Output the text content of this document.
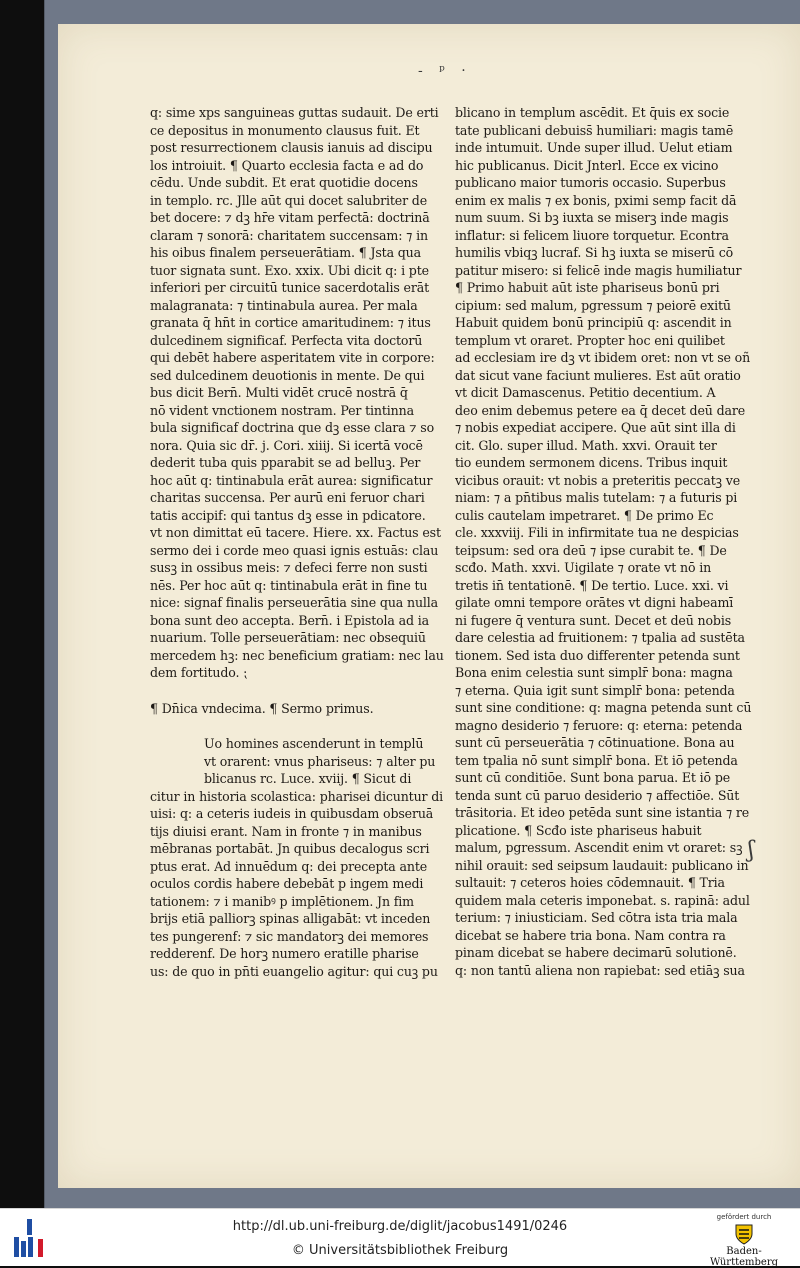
- ᵖ ·
q: sime xps sanguineas guttas sudauit. De erti
ce depositus in monumento clausus fuit. Et
post resurrectionem clausis ianuis ad discipu
los introiuit. ¶ Quarto ecclesia facta e ad do
cēdu. Unde subdit. Et erat quotidie docens
in templo. rc. Jlle aūt qui docet salubriter de
bet docere: ⁊ dꝫ hr̄e vitam perfectā: doctrinā
claram ⁊ sonorā: charitatem succensam: ⁊ in
his oibus finalem perseuerātiam. ¶ Jsta qua
tuor signata sunt. Exo. xxix. Ubi dicit q: i pte
inferiori per circuitū tunice sacerdotalis erāt
malagranata: ⁊ tintinabula aurea. Per mala
granata q̄ hn̄t in cortice amaritudinem: ⁊ itus
dulcedinem significaf. Perfecta vita doctorū
qui debēt habere asperitatem vite in corpore:
sed dulcedinem deuotionis in mente. De qui
bus dicit Bern̄. Multi vidēt crucē nostrā q̄
nō vident vnctionem nostram. Per tintinna
bula significaf doctrina que dꝫ esse clara ⁊ so
nora. Quia sic dr̄. j. Cori. xiiij. Si icertā vocē
dederit tuba quis pparabit se ad belluꝫ. Per
hoc aūt q: tintinabula erāt aurea: significatur
charitas succensa. Per aurū eni feruor chari
tatis accipif: qui tantus dꝫ esse in pdicatore.
vt non dimittat eū tacere. Hiere. xx. Factus est
sermo dei i corde meo quasi ignis estuās: clau
susꝫ in ossibus meis: ⁊ defeci ferre non susti
nēs. Per hoc aūt q: tintinabula erāt in fine tu
nice: signaf finalis perseuerātia sine qua nulla
bona sunt deo accepta. Bern̄. i Epistola ad ia
nuarium. Tolle perseuerātiam: nec obsequiū
mercedem hꝫ: nec beneficium gratiam: nec lau
dem fortitudo. ⁏
¶ Dn̄ica vndecima. ¶ Sermo primus.
Uo homines ascenderunt in templū
vt orarent: vnus phariseus: ⁊ alter pu
blicanus rc. Luce. xviij. ¶ Sicut di
citur in historia scolastica: pharisei dicuntur di
uisi: q: a ceteris iudeis in quibusdam obseruā
tijs diuisi erant. Nam in fronte ⁊ in manibus
mēbranas portabāt. Jn quibus decalogus scri
ptus erat. Ad innuēdum q: dei precepta ante
oculos cordis habere debebāt p ingem medi
tationem: ⁊ i manibꝰ p implētionem. Jn fim
brijs etiā palliorꝫ spinas alligabāt: vt inceden
tes pungerenf: ⁊ sic mandatorꝫ dei memores
redderenf. De horꝫ numero eratille pharise
us: de quo in pn̄ti euangelio agitur: qui cuꝫ pu
blicano in templum ascēdit. Et q̄uis ex socie
tate publicani debuiss̄ humiliari: magis tamē
inde intumuit. Unde super illud. Uelut etiam
hic publicanus. Dicit Jnterl. Ecce ex vicino
publicano maior tumoris occasio. Superbus
enim ex malis ⁊ ex bonis, pximi semp facit dā
num suum. Si bꝫ iuxta se miserꝫ inde magis
inflatur: si felicem liuore torquetur. Econtra
humilis vbiqꝫ lucraf. Si hꝫ iuxta se miserū cō
patitur misero: si felicē inde magis humiliatur
¶ Primo habuit aūt iste phariseus bonū pri
cipium: sed malum, pgressum ⁊ peiorē exitū
Habuit quidem bonū principiū q: ascendit in
templum vt oraret. Propter hoc eni quilibet
ad ecclesiam ire dꝫ vt ibidem oret: non vt se oñ
dat sicut vane faciunt mulieres. Est aūt oratio
vt dicit Damascenus. Petitio decentium. A
deo enim debemus petere ea q̄ decet deū dare
⁊ nobis expediat accipere. Que aūt sint illa di
cit. Glo. super illud. Math. xxvi. Orauit ter
tio eundem sermonem dicens. Tribus inquit
vicibus orauit: vt nobis a preteritis peccatꝫ ve
niam: ⁊ a pn̄tibus malis tutelam: ⁊ a futuris pi
culis cautelam impetraret. ¶ De primo Ec
cle. xxxviij. Fili in infirmitate tua ne despicias
teipsum: sed ora deū ⁊ ipse curabit te. ¶ De
scđo. Math. xxvi. Uigilate ⁊ orate vt nō in
tretis in̄ tentationē. ¶ De tertio. Luce. xxi. vi
gilate omni tempore orātes vt digni habeamī
ni fugere q̄ ventura sunt. Decet et deū nobis
dare celestia ad fruitionem: ⁊ tpalia ad sustēta
tionem. Sed ista duo differenter petenda sunt
Bona enim celestia sunt simplr̄ bona: magna
⁊ eterna. Quia igit sunt simplr̄ bona: petenda
sunt sine conditione: q: magna petenda sunt cū
magno desiderio ⁊ feruore: q: eterna: petenda
sunt cū perseuerātia ⁊ cōtinuatione. Bona au
tem tpalia nō sunt simplr̄ bona. Et iō petenda
sunt cū conditiōe. Sunt bona parua. Et iō pe
tenda sunt cū paruo desiderio ⁊ affectiōe. Sūt
trāsitoria. Et ideo petēda sunt sine istantia ⁊ re
plicatione. ¶ Scđo iste phariseus habuit
malum, pgressum. Ascendit enim vt oraret: sꝫ
nihil orauit: sed seipsum laudauit: publicano in
sultauit: ⁊ ceteros hoies cōdemnauit. ¶ Tria
quidem mala ceteris imponebat. s. rapinā: adul
terium: ⁊ iniusticiam. Sed cōtra ista tria mala
dicebat se habere tria bona. Nam contra ra
pinam dicebat se habere decimarū solutionē.
q: non tantū aliena non rapiebat: sed etiāꝫ sua
ʃ
http://dl.ub.uni-freiburg.de/diglit/jacobus1491/0246
© Universitätsbibliothek Freiburg
gefördert durch
Baden-Württemberg
